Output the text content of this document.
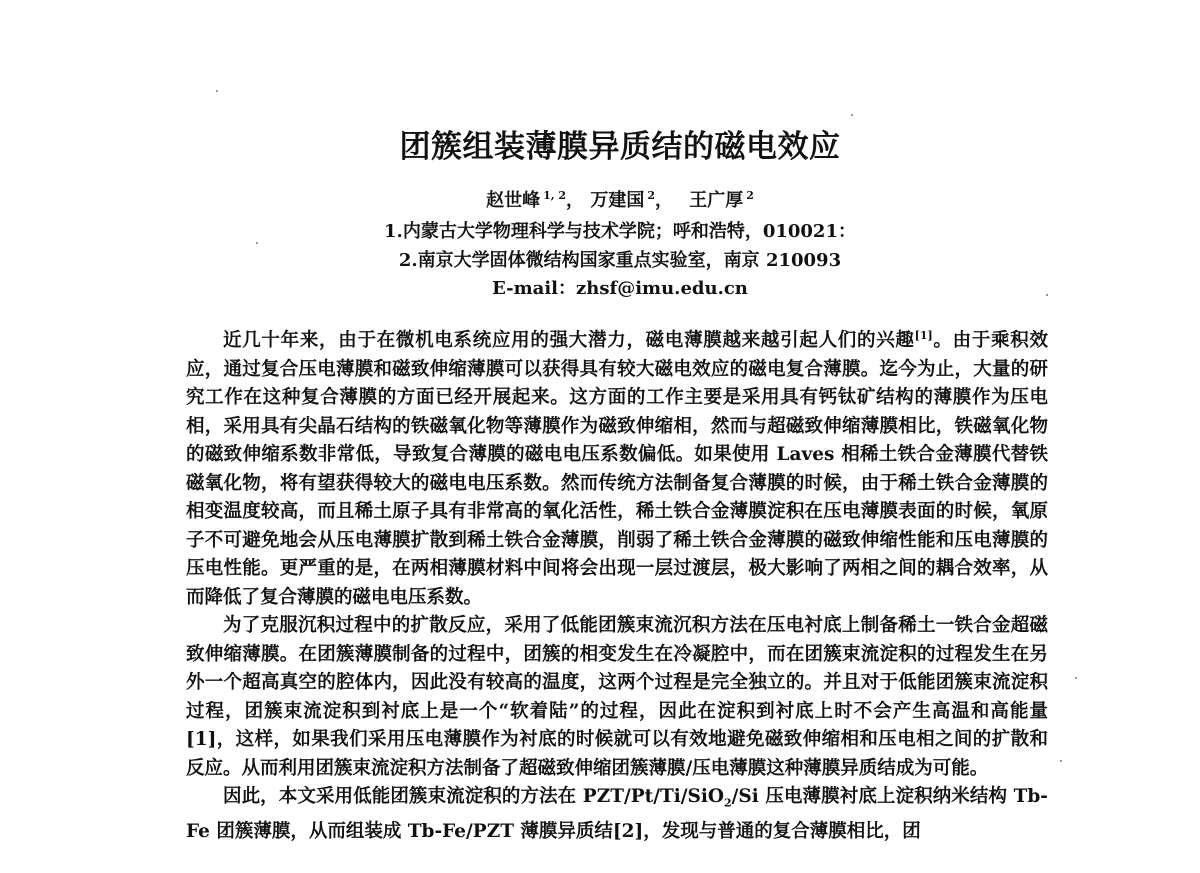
团簇组装薄膜异质结的磁电效应
赵世峰 $^{1, 2}$， 万建国 $^2$， 王广厚 $^2$
1.内蒙古大学物理科学与技术学院；呼和浩特，010021：
2.南京大学固体微结构国家重点实验室，南京 210093
E-mail：zhsf@imu.edu.cn

近几十年来，由于在微机电系统应用的强大潜力，磁电薄膜越来越引起人们的兴趣[1]。由于乘积效应，通过复合压电薄膜和磁致伸缩薄膜可以获得具有较大磁电效应的磁电复合薄膜。迄今为止，大量的研究工作在这种复合薄膜的方面已经开展起来。这方面的工作主要是采用具有钙钛矿结构的薄膜作为压电相，采用具有尖晶石结构的铁磁氧化物等薄膜作为磁致伸缩相，然而与超磁致伸缩薄膜相比，铁磁氧化物的磁致伸缩系数非常低，导致复合薄膜的磁电电压系数偏低。如果使用 Laves 相稀土铁合金薄膜代替铁磁氧化物，将有望获得较大的磁电电压系数。然而传统方法制备复合薄膜的时候，由于稀土铁合金薄膜的相变温度较高，而且稀土原子具有非常高的氧化活性，稀土铁合金薄膜淀积在压电薄膜表面的时候，氧原子不可避免地会从压电薄膜扩散到稀土铁合金薄膜，削弱了稀土铁合金薄膜的磁致伸缩性能和压电薄膜的压电性能。更严重的是，在两相薄膜材料中间将会出现一层过渡层，极大影响了两相之间的耦合效率，从而降低了复合薄膜的磁电电压系数。

为了克服沉积过程中的扩散反应，采用了低能团簇束流沉积方法在压电衬底上制备稀土一铁合金超磁致伸缩薄膜。在团簇薄膜制备的过程中，团簇的相变发生在冷凝腔中，而在团簇束流淀积的过程发生在另外一个超高真空的腔体内，因此没有较高的温度，这两个过程是完全独立的。并且对于低能团簇束流淀积过程，团簇束流淀积到衬底上是一个“软着陆”的过程，因此在淀积到衬底上时不会产生高温和高能量[1]，这样，如果我们采用压电薄膜作为衬底的时候就可以有效地避免磁致伸缩相和压电相之间的扩散和反应。从而利用团簇束流淀积方法制备了超磁致伸缩团簇薄膜/压电薄膜这种薄膜异质结成为可能。

因此，本文采用低能团簇束流淀积的方法在 PZT/Pt/Ti/SiO$_2$/Si 压电薄膜衬底上淀积纳米结构 Tb-Fe 团簇薄膜，从而组装成 Tb-Fe/PZT 薄膜异质结[2]，发现与普通的复合薄膜相比，团
